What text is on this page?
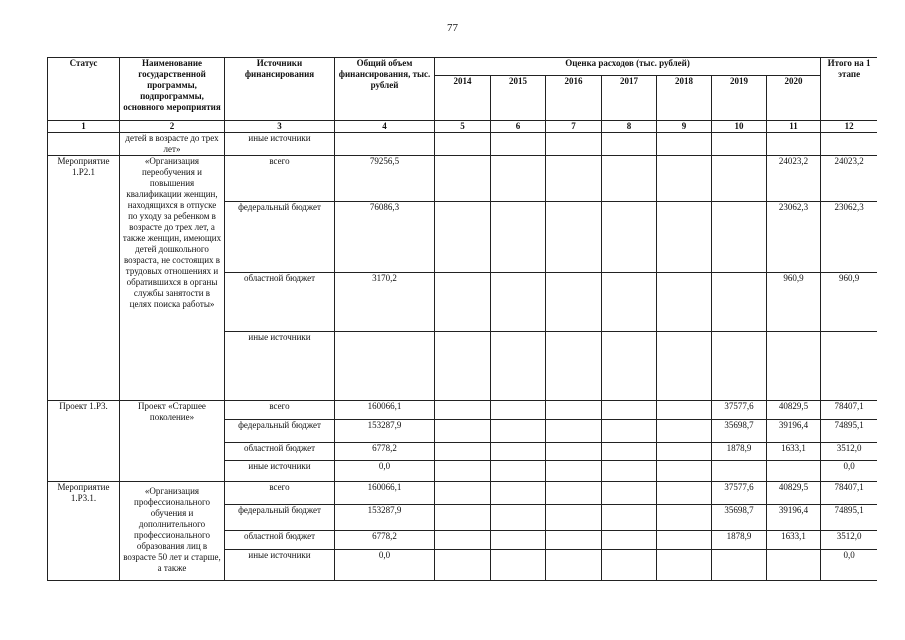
77
Статус	Наименование государственной программы, подпрограммы, основного мероприятия	Источники финансирования	Общий объем финансирования, тыс. рублей	Оценка расходов (тыс. рублей)							Итого на 1 этапе
				2014	2015	2016	2017	2018	2019	2020	
1	2	3	4	5	6	7	8	9	10	11	12
	детей в возрасте до трех лет»	иные источники									
Мероприятие 1.Р2.1	«Организация переобучения и повышения квалификации женщин, находящихся в отпуске по уходу за ребенком в возрасте до трех лет, а также женщин, имеющих детей дошкольного возраста, не состоящих в трудовых отношениях и обратившихся в органы службы занятости в целях поиска работы»	всего	79256,5							24023,2	24023,2
		федеральный бюджет	76086,3							23062,3	23062,3
		областной бюджет	3170,2							960,9	960,9
		иные источники									
Проект 1.Р3.	Проект «Старшее поколение»	всего	160066,1						37577,6	40829,5	78407,1
		федеральный бюджет	153287,9						35698,7	39196,4	74895,1
		областной бюджет	6778,2						1878,9	1633,1	3512,0
		иные источники	0,0								0,0
Мероприятие 1.Р3.1.	«Организация профессионального обучения и дополнительного профессионального образования лиц в возрасте 50 лет и старше, а также	всего	160066,1						37577,6	40829,5	78407,1
		федеральный бюджет	153287,9						35698,7	39196,4	74895,1
		областной бюджет	6778,2						1878,9	1633,1	3512,0
		иные источники	0,0								0,0
